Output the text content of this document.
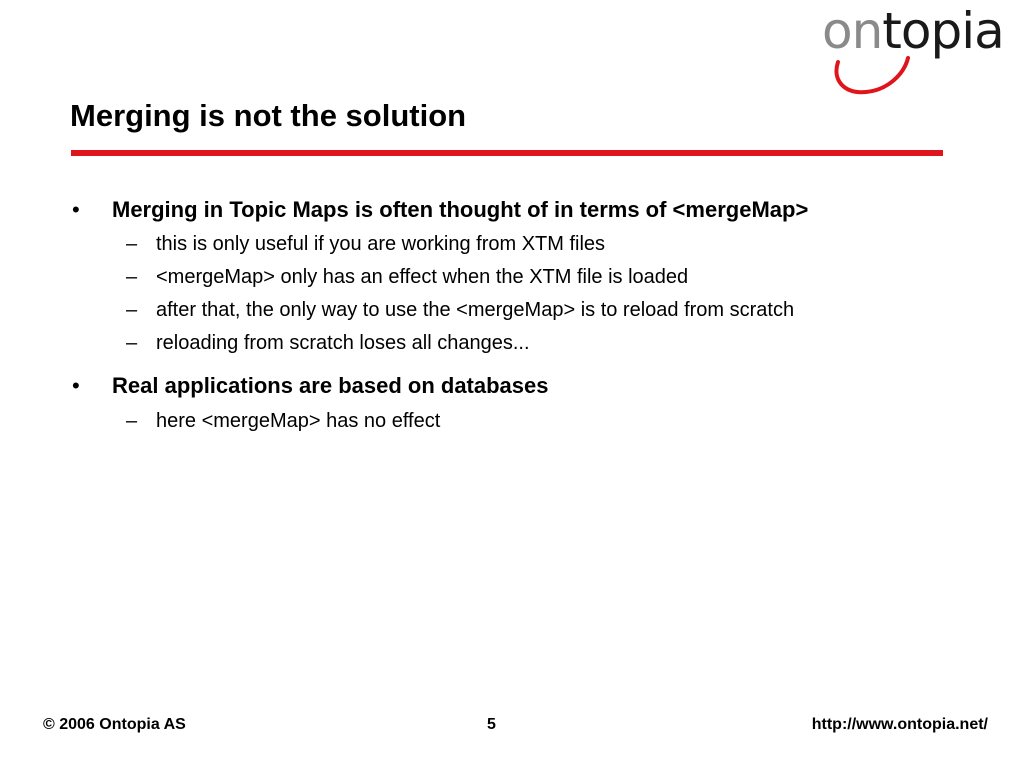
ontopia
Merging is not the solution
• Merging in Topic Maps is often thought of in terms of <mergeMap>
– this is only useful if you are working from XTM files
– <mergeMap> only has an effect when the XTM file is loaded
– after that, the only way to use the <mergeMap> is to reload from scratch
– reloading from scratch loses all changes...
• Real applications are based on databases
– here <mergeMap> has no effect
© 2006 Ontopia AS	5	http://www.ontopia.net/
